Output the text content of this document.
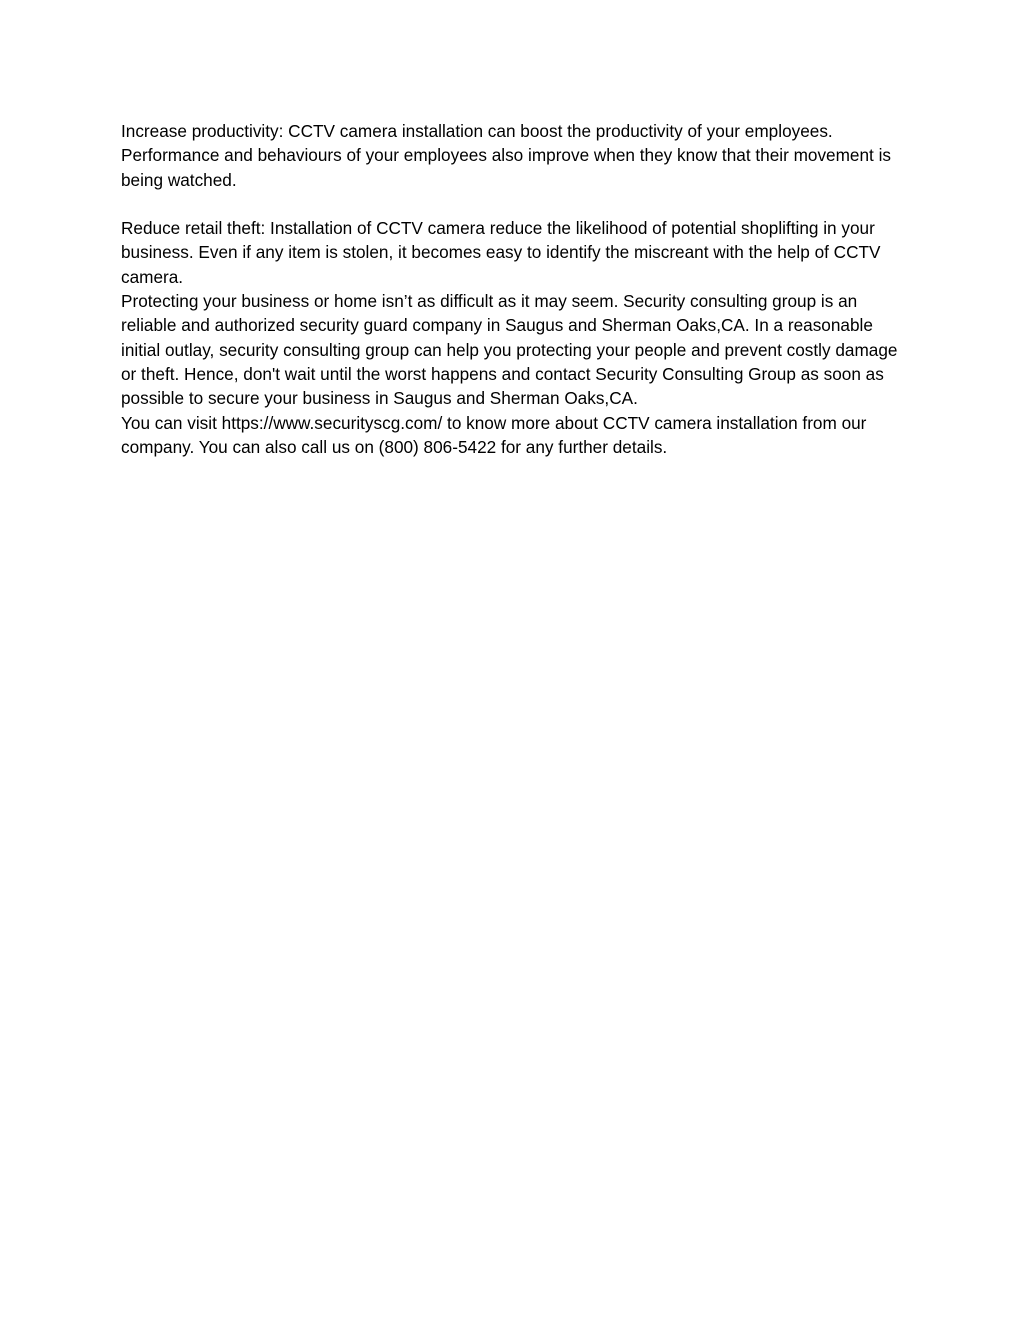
Increase productivity: CCTV camera installation can boost the productivity of your employees. Performance and behaviours of your employees also improve when they know that their movement is being watched.

Reduce retail theft: Installation of CCTV camera reduce the likelihood of potential shoplifting in your business. Even if any item is stolen, it becomes easy to identify the miscreant with the help of CCTV camera.

Protecting your business or home isn’t as difficult as it may seem. Security consulting group is an reliable and authorized security guard company in Saugus and Sherman Oaks,CA. In a reasonable initial outlay, security consulting group can help you protecting your people and prevent costly damage or theft. Hence, don't wait until the worst happens and contact Security Consulting Group as soon as possible to secure your business in Saugus and Sherman Oaks,CA.

You can visit https://www.securityscg.com/ to know more about CCTV camera installation from our company. You can also call us on (800) 806-5422 for any further details.
